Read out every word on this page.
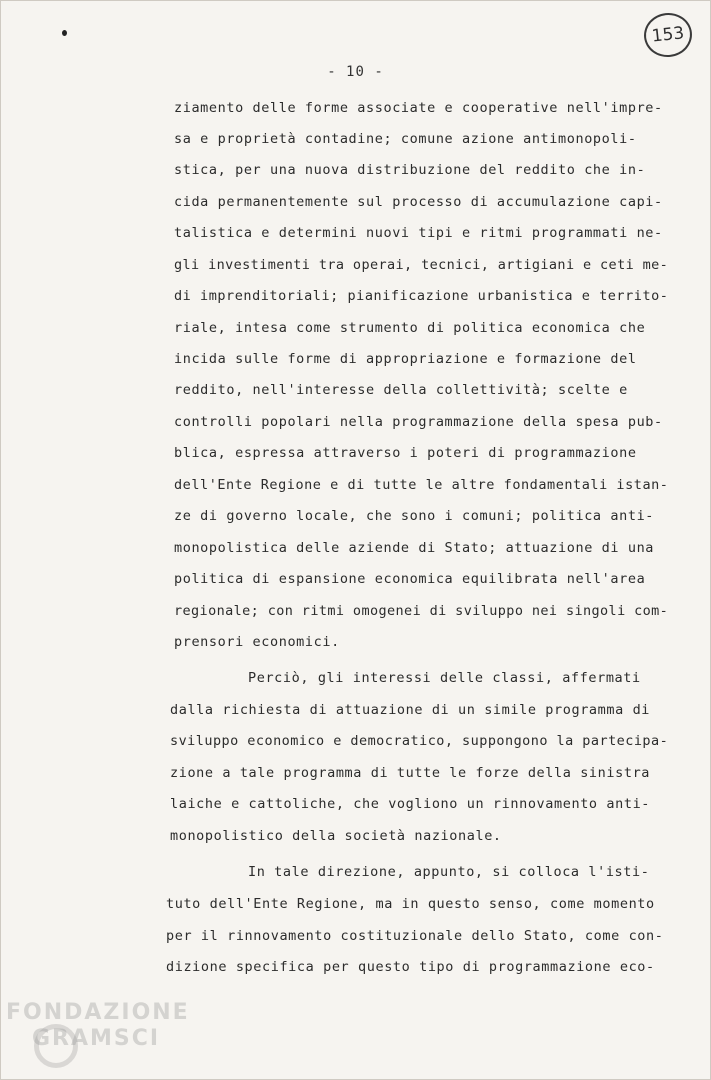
153
- 10 -
ziamento delle forme associate e cooperative nell'impre-
sa e proprietà contadine; comune azione antimonopoli-
stica, per una nuova distribuzione del reddito che in-
cida permanentemente sul processo di accumulazione capi-
talistica e determini nuovi tipi e ritmi programmati ne-
gli investimenti tra operai, tecnici, artigiani e ceti me-
di imprenditoriali; pianificazione urbanistica e territo-
riale, intesa come strumento di politica economica che
incida sulle forme di appropriazione e formazione del
reddito, nell'interesse della collettività; scelte e
controlli popolari nella programmazione della spesa pub-
blica, espressa attraverso i poteri di programmazione
dell'Ente Regione e di tutte le altre fondamentali istan-
ze di governo locale, che sono i comuni; politica anti-
monopolistica delle aziende di Stato; attuazione di una
politica di espansione economica equilibrata nell'area
regionale; con ritmi omogenei di sviluppo nei singoli com-
prensori economici.
Perciò, gli interessi delle classi, affermati
dalla richiesta di attuazione di un simile programma di
sviluppo economico e democratico, suppongono la partecipa-
zione a tale programma di tutte le forze della sinistra
laiche e cattoliche, che vogliono un rinnovamento anti-
monopolistico della società nazionale.
In tale direzione, appunto, si colloca l'isti-
tuto dell'Ente Regione, ma in questo senso, come momento
per il rinnovamento costituzionale dello Stato, come con-
dizione specifica per questo tipo di programmazione eco-
FONDAZIONE
GRAMSCI
